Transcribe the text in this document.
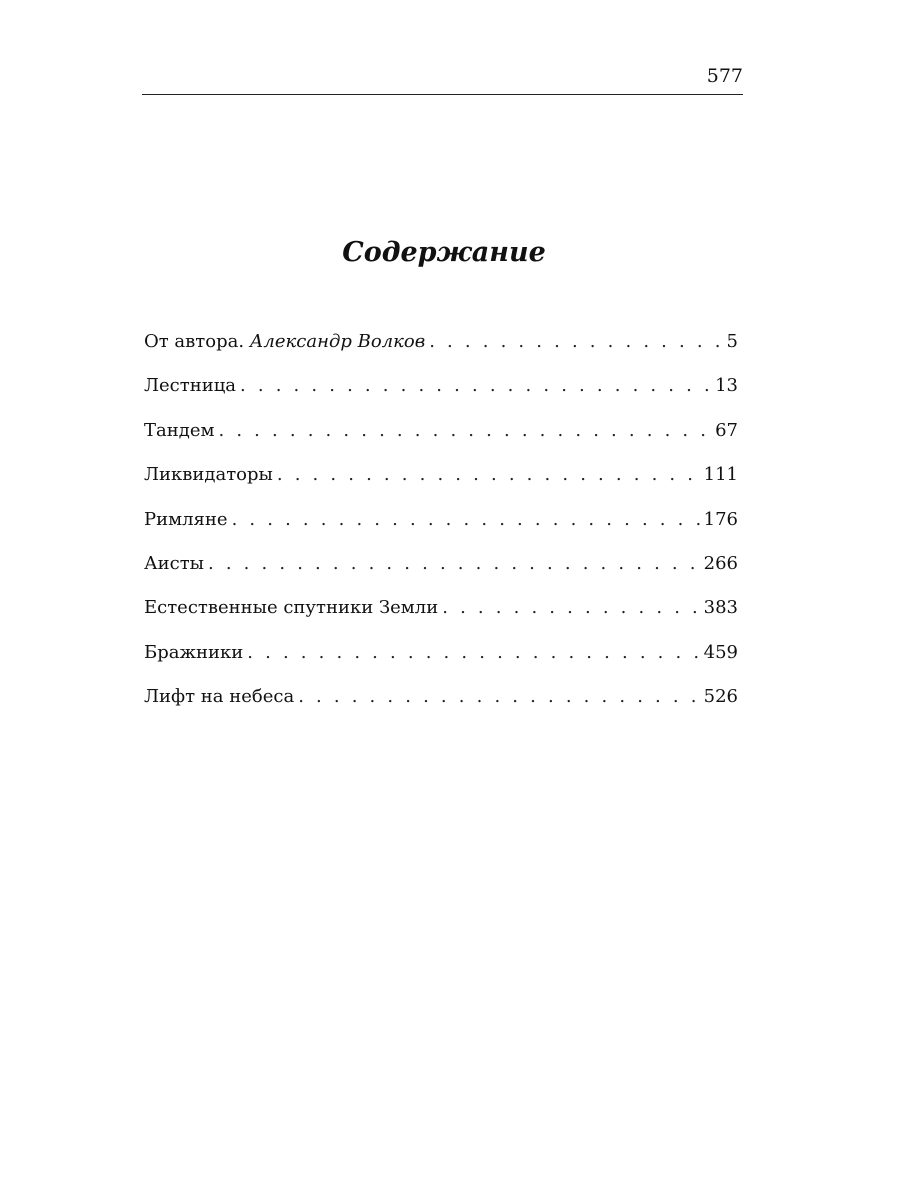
577
Содержание
От автора. Александр Волков . . .	5
Лестница . . .	13
Тандем . . .	67
Ликвидаторы . . .	111
Римляне . . .	176
Аисты . . .	266
Естественные спутники Земли . . .	383
Бражники . . .	459
Лифт на небеса . . .	526
